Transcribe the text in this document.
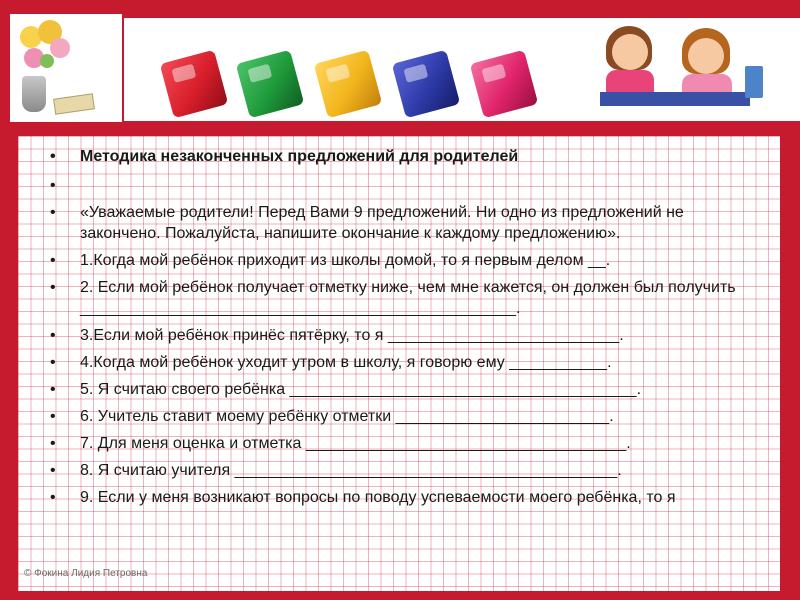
• Методика незаконченных предложений для родителей
•
• «Уважаемые родители! Перед Вами 9 предложений. Ни одно из предложений не закончено. Пожалуйста, напишите окончание к каждому предложению».
• 1.Когда мой ребёнок приходит из школы домой, то я первым делом __.
• 2. Если мой ребёнок получает отметку ниже, чем мне кажется, он должен был получить _________________________________________________.
• 3.Если мой ребёнок принёс пятёрку, то я __________________________.
• 4.Когда мой ребёнок уходит утром в школу, я говорю ему ___________.
• 5. Я считаю своего ребёнка _______________________________________.
• 6. Учитель ставит моему ребёнку отметки ________________________.
• 7. Для меня оценка и отметка ____________________________________.
• 8. Я считаю учителя ___________________________________________.
• 9. Если у меня возникают вопросы по поводу успеваемости моего ребёнка, то я
© Фокина Лидия Петровна
